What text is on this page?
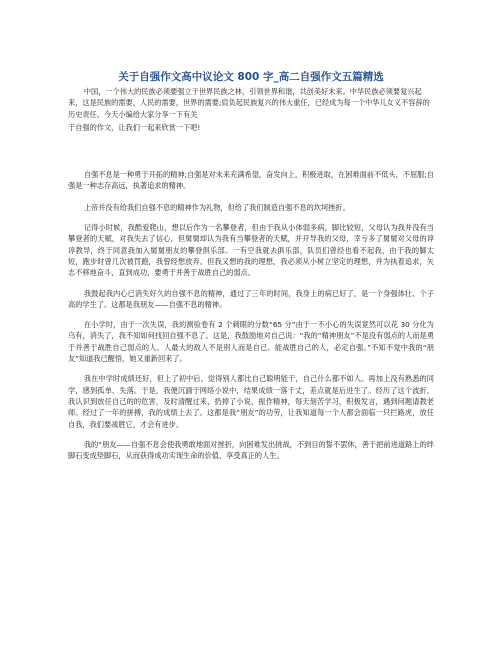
关于自强作文高中议论文 800 字_高二自强作文五篇精选

中国，一个伟大的民族必须要强立于世界民族之林，引领世界和谐，共创美好未来。中华民族必须要复兴起来，这是民族的需要，人民的需要，世界的需要;肩负起民族复兴的伟大重任，已经成为每一个中华儿女义不容辞的历史责任。今天小编给大家分享一下有关

于自强的作文，让我们一起来欣赏一下吧!

自强不息是一种勇于开拓的精神;自强是对未来充满希望，奋发向上，积极进取，在困难面前不低头，不屈服;自强是一种志存高远，执著追求的精神。

上帝并没有给我们自强不息的精神作为礼物，但给了我们制造自强不息的坎坷挫折。

记得小时候，我酷爱爬山，想以后作为一名攀登者，但由于我从小体弱多病，脚比较短，父母认为我并没有当攀登者的天赋，对我失去了信心，但舅舅却认为我有当攀登者的天赋，并开导我的父母，幸亏多了舅舅对父母的谆谆教导，终于同意我加入舅舅朋友的攀登俱乐部。一有空我就去俱乐部，队员们曾经也看不起我，由于我的脚太短，跑步时曾几次被罚跑，我曾经想放弃。但我又想的我的理想，我必须从小树立坚定的理想，并为执着追求，矢志不移地奋斗，直到成功，要勇于并善于战胜自己的弱点。

我鼓起我内心已消失好久的自强不息的精神，通过了三年的时间，我身上的病已好了，是一个身强体壮、个子高的学生了。这都是我朋友——自强不息的精神。

在小学时，由于一次失误，我的测验卷有 2 个刺眼的分数“65 分”由于一不小心的失误竟然可以花 30 分化为乌有，消失了，我不知如何找回自强不息了。这是，我鼓励地对自己说：“我的“精神朋友”不是没有弱点的人而是勇于并善于战胜自己弱点的人。人最大的敌人不是别人而是自己。能战胜自己的人，必定自强。”不知不觉中我的“朋友”知道我已醒悟，她又重新回来了。

我在中学时成绩还好，但上了初中后，觉得别人都比自己聪明能干，自己什么都不如人。再加上没有熟悉的同学，感到孤单、失落。于是，我便沉湎于网络小说中，结果成绩一落千丈，差点就是后进生了。经历了这个波折，我认识到放任自己的的危害，及时清醒过来，扔掉了小说，振作精神，每天刻苦学习，积极发言，遇到问题请教老师。经过了一年的拼搏，我的成绩上去了。这都是我“朋友”的功劳，让我知道每一个人都会面临一只拦路虎，放任自我，我们要战胜它，才会有进步。

我的“朋友——自强不息会使我勇敢地面对挫折，向困难发出挑战，不到目的誓不罢休，善于把前进道路上的绊脚石变成垫脚石，从而获得成功实现生命的价值，享受真正的人生。
